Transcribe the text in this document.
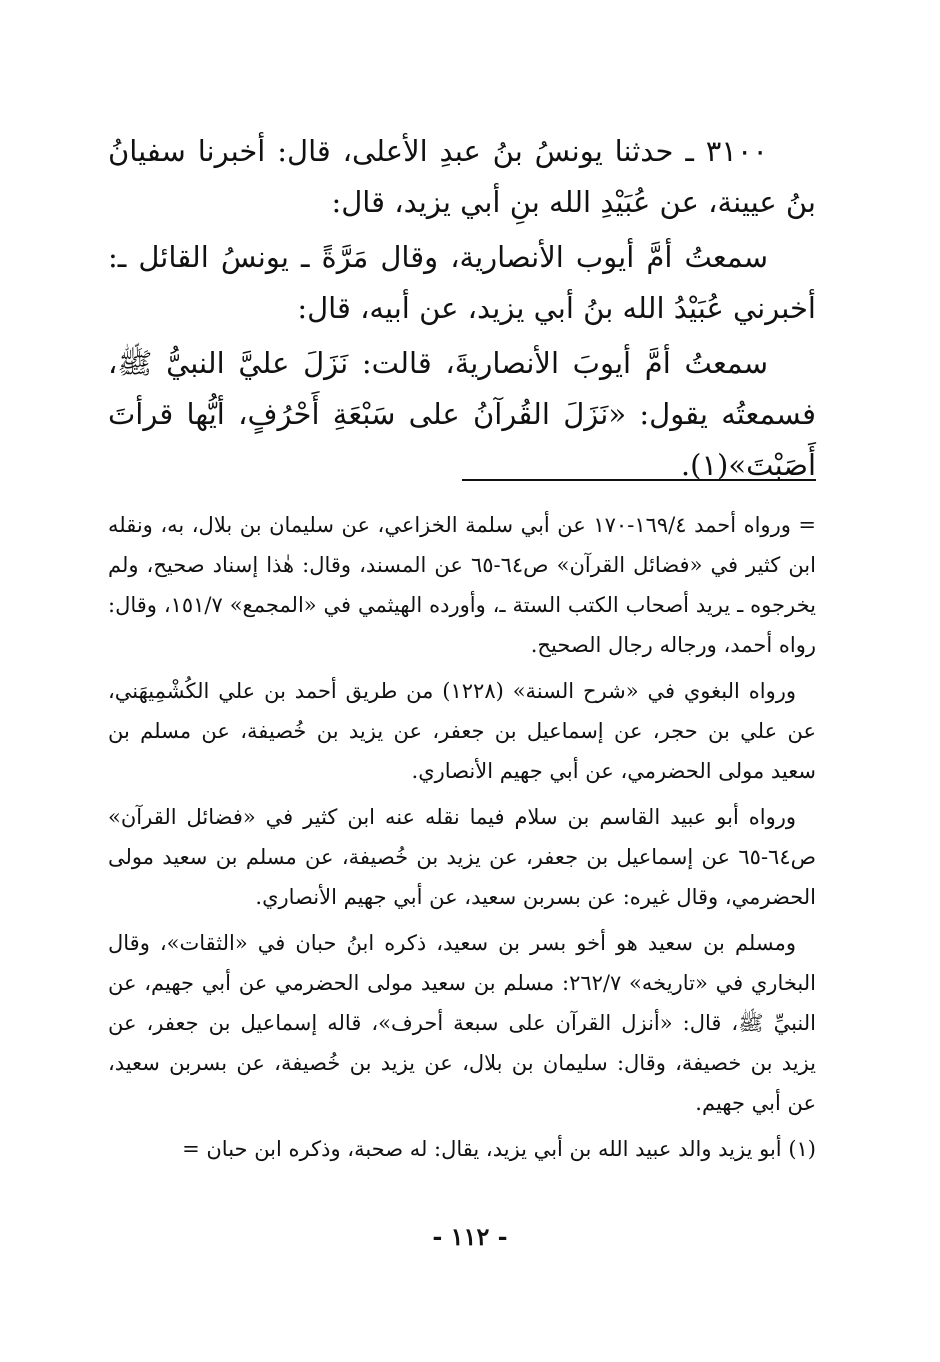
٣١٠٠ ـ حدثنا يونسُ بنُ عبدِ الأعلى، قال: أخبرنا سفيانُ بنُ عيينة، عن عُبَيْدِ الله بنِ أبي يزيد، قال:

سمعتُ أمَّ أيوب الأنصارية، وقال مَرَّةً ـ يونسُ القائل ـ: أخبرني عُبَيْدُ الله بنُ أبي يزيد، عن أبيه، قال:

سمعتُ أمَّ أيوبَ الأنصاريةَ، قالت: نَزَلَ عليَّ النبيُّ ﷺ، فسمعتُه يقول: «نَزَلَ القُرآنُ على سَبْعَةِ أَحْرُفٍ، أيُّها قرأتَ أَصَبْتَ»(١).

= ورواه أحمد ١٦٩/٤-١٧٠ عن أبي سلمة الخزاعي، عن سليمان بن بلال، به، ونقله ابن كثير في «فضائل القرآن» ص٦٤-٦٥ عن المسند، وقال: هٰذا إسناد صحيح، ولم يخرجوه ـ يريد أصحاب الكتب الستة ـ، وأورده الهيثمي في «المجمع» ١٥١/٧، وقال: رواه أحمد، ورجاله رجال الصحيح.

ورواه البغوي في «شرح السنة» (١٢٢٨) من طريق أحمد بن علي الكُشْمِيهَني، عن علي بن حجر، عن إسماعيل بن جعفر، عن يزيد بن خُصيفة، عن مسلم بن سعيد مولى الحضرمي، عن أبي جهيم الأنصاري.

ورواه أبو عبيد القاسم بن سلام فيما نقله عنه ابن كثير في «فضائل القرآن» ص٦٤-٦٥ عن إسماعيل بن جعفر، عن يزيد بن خُصيفة، عن مسلم بن سعيد مولى الحضرمي، وقال غيره: عن بسربن سعيد، عن أبي جهيم الأنصاري.

ومسلم بن سعيد هو أخو بسر بن سعيد، ذكره ابنُ حبان في «الثقات»، وقال البخاري في «تاريخه» ٢٦٢/٧: مسلم بن سعيد مولى الحضرمي عن أبي جهيم، عن النبيِّ ﷺ، قال: «أنزل القرآن على سبعة أحرف»، قاله إسماعيل بن جعفر، عن يزيد بن خصيفة، وقال: سليمان بن بلال، عن يزيد بن خُصيفة، عن بسربن سعيد، عن أبي جهيم.

(١) أبو يزيد والد عبيد الله بن أبي يزيد، يقال: له صحبة، وذكره ابن حبان =

- ١١٢ -
